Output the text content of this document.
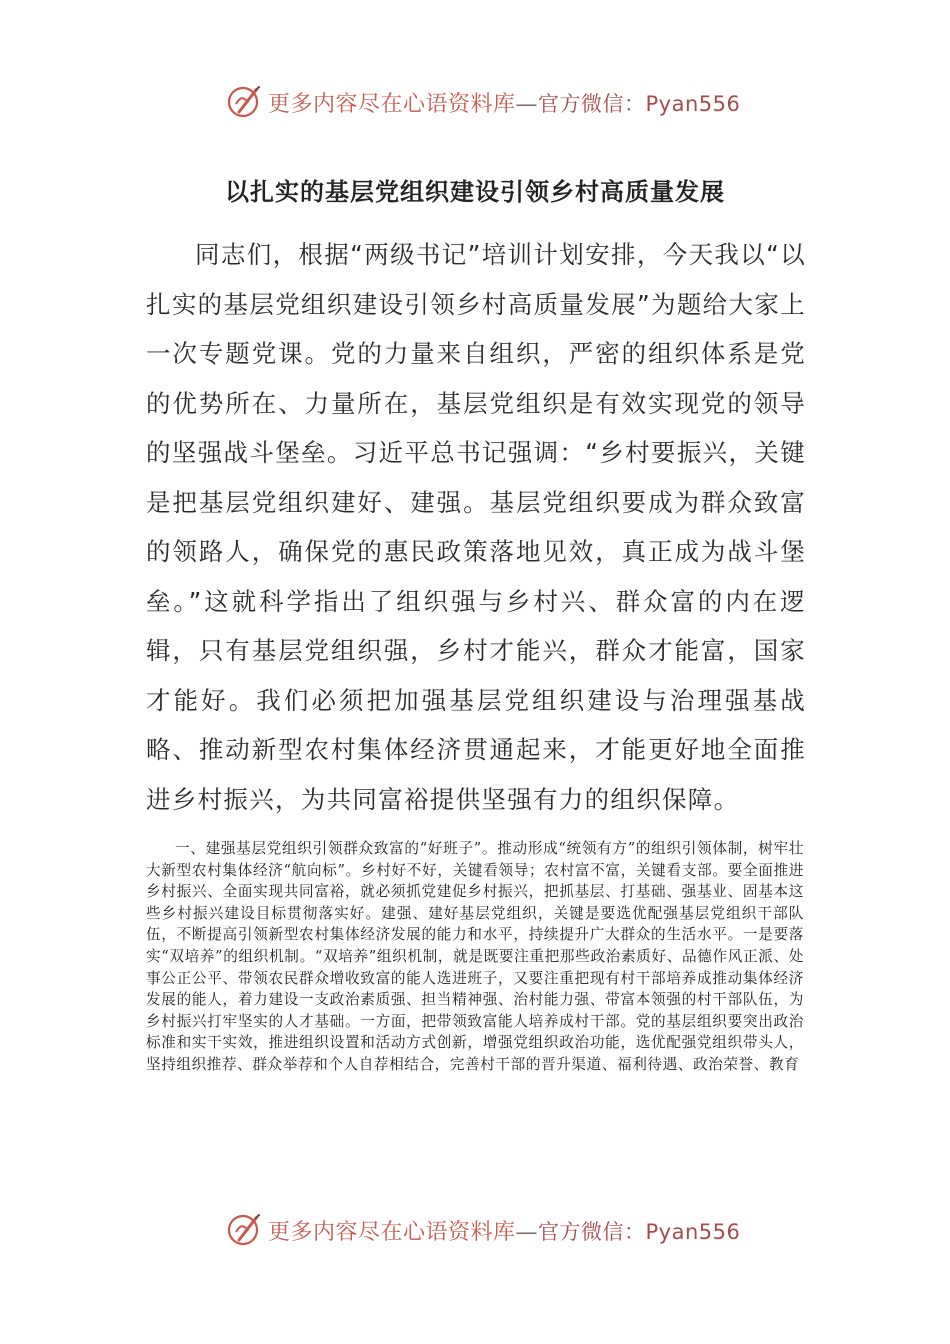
更多内容尽在心语资料库—官方微信：Pyan556
以扎实的基层党组织建设引领乡村高质量发展

同志们，根据“两级书记”培训计划安排，今天我以“以扎实的基层党组织建设引领乡村高质量发展”为题给大家上一次专题党课。党的力量来自组织，严密的组织体系是党的优势所在、力量所在，基层党组织是有效实现党的领导的坚强战斗堡垒。习近平总书记强调：“乡村要振兴，关键是把基层党组织建好、建强。基层党组织要成为群众致富的领路人，确保党的惠民政策落地见效，真正成为战斗堡垒。”这就科学指出了组织强与乡村兴、群众富的内在逻辑，只有基层党组织强，乡村才能兴，群众才能富，国家才能好。我们必须把加强基层党组织建设与治理强基战略、推动新型农村集体经济贯通起来，才能更好地全面推进乡村振兴，为共同富裕提供坚强有力的组织保障。

一、建强基层党组织引领群众致富的“好班子”。推动形成“统领有方”的组织引领体制，树牢壮大新型农村集体经济“航向标”。乡村好不好，关键看领导；农村富不富，关键看支部。要全面推进乡村振兴、全面实现共同富裕，就必须抓党建促乡村振兴，把抓基层、打基础、强基业、固基本这些乡村振兴建设目标贯彻落实好。建强、建好基层党组织，关键是要选优配强基层党组织干部队伍，不断提高引领新型农村集体经济发展的能力和水平，持续提升广大群众的生活水平。一是要落实“双培养”的组织机制。“双培养”组织机制，就是既要注重把那些政治素质好、品德作风正派、处事公正公平、带领农民群众增收致富的能人选进班子，又要注重把现有村干部培养成推动集体经济发展的能人，着力建设一支政治素质强、担当精神强、治村能力强、带富本领强的村干部队伍，为乡村振兴打牢坚实的人才基础。一方面，把带领致富能人培养成村干部。党的基层组织要突出政治标准和实干实效，推进组织设置和活动方式创新，增强党组织政治功能，选优配强党组织带头人，坚持组织推荐、群众举荐和个人自荐相结合，完善村干部的晋升渠道、福利待遇、政治荣誉、教育

更多内容尽在心语资料库—官方微信：Pyan556
